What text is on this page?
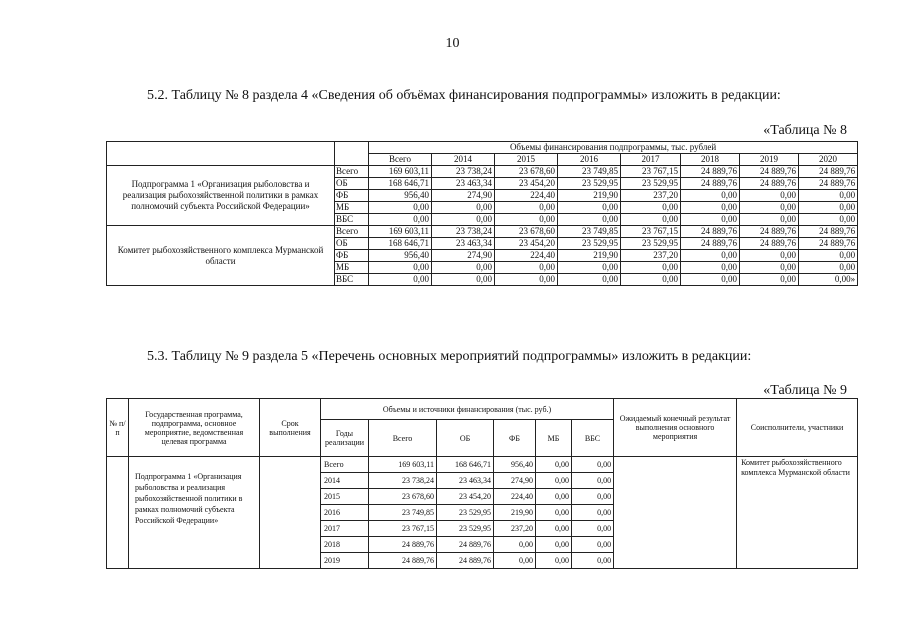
10
5.2. Таблицу № 8 раздела 4 «Сведения об объёмах финансирования подпрограммы» изложить в редакции:
«Таблица № 8
		Объемы финансирования подпрограммы, тыс. рублей							
		Всего	2014	2015	2016	2017	2018	2019	2020
Подпрограмма 1 «Организация рыболовства и реализация рыбохозяйственной политики в рамках полномочий субъекта Российской Федерации»	Всего	169 603,11	23 738,24	23 678,60	23 749,85	23 767,15	24 889,76	24 889,76	24 889,76
	ОБ	168 646,71	23 463,34	23 454,20	23 529,95	23 529,95	24 889,76	24 889,76	24 889,76
	ФБ	956,40	274,90	224,40	219,90	237,20	0,00	0,00	0,00
	МБ	0,00	0,00	0,00	0,00	0,00	0,00	0,00	0,00
	ВБС	0,00	0,00	0,00	0,00	0,00	0,00	0,00	0,00
Комитет рыбохозяйственного комплекса Мурманской области	Всего	169 603,11	23 738,24	23 678,60	23 749,85	23 767,15	24 889,76	24 889,76	24 889,76
	ОБ	168 646,71	23 463,34	23 454,20	23 529,95	23 529,95	24 889,76	24 889,76	24 889,76
	ФБ	956,40	274,90	224,40	219,90	237,20	0,00	0,00	0,00
	МБ	0,00	0,00	0,00	0,00	0,00	0,00	0,00	0,00
	ВБС	0,00	0,00	0,00	0,00	0,00	0,00	0,00	0,00»
5.3. Таблицу № 9 раздела 5 «Перечень основных мероприятий подпрограммы» изложить в редакции:
«Таблица № 9
№ п/п	Государственная программа, подпрограмма, основное мероприятие, ведомственная целевая программа	Срок выполнения	Объемы и источники финансирования (тыс. руб.)						Ожидаемый конечный результат выполнения основного мероприятия	Соисполнители, участники
			Годы реализации	Всего	ОБ	ФБ	МБ	ВБС		
	Подпрограмма 1 «Организация рыболовства и реализация рыбохозяйственной политики в рамках полномочий субъекта Российской Федерации»		Всего	169 603,11	168 646,71	956,40	0,00	0,00		Комитет рыбохозяйственного комплекса Мурманской области
			2014	23 738,24	23 463,34	274,90	0,00	0,00		
			2015	23 678,60	23 454,20	224,40	0,00	0,00		
			2016	23 749,85	23 529,95	219,90	0,00	0,00		
			2017	23 767,15	23 529,95	237,20	0,00	0,00		
			2018	24 889,76	24 889,76	0,00	0,00	0,00		
			2019	24 889,76	24 889,76	0,00	0,00	0,00		
